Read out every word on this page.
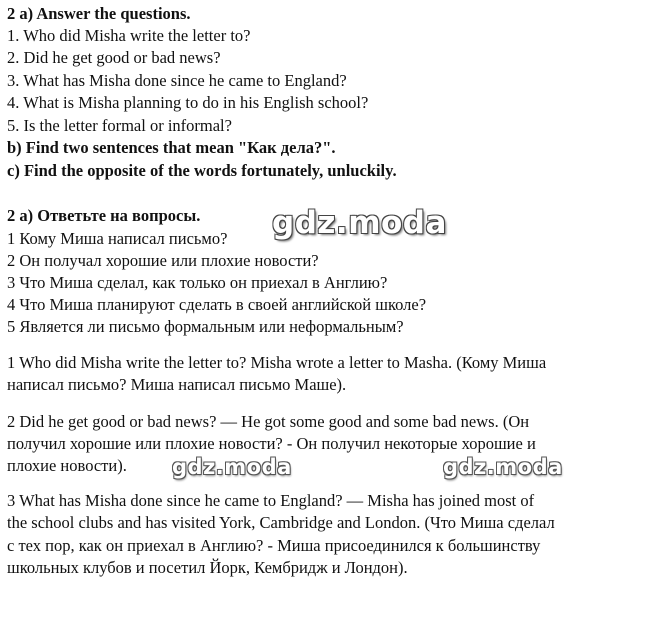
2 a) Answer the questions.
1. Who did Misha write the letter to?
2. Did he get good or bad news?
3. What has Misha done since he came to England?
4. What is Misha planning to do in his English school?
5. Is the letter formal or informal?
b) Find two sentences that mean "Как дела?".
c) Find the opposite of the words fortunately, unluckily.
2 а) Ответьте на вопросы.
1 Кому Миша написал письмо?
2 Он получал хорошие или плохие новости?
3 Что Миша сделал, как только он приехал в Англию?
4 Что Миша планируют сделать в своей английской школе?
5 Является ли письмо формальным или неформальным?
1 Who did Misha write the letter to? Misha wrote a letter to Masha. (Кому Миша
написал письмо? Миша написал письмо Маше).
2 Did he get good or bad news? — He got some good and some bad news. (Он
получил хорошие или плохие новости? - Он получил некоторые хорошие и
плохие новости).
3 What has Misha done since he came to England? — Misha has joined most of
the school clubs and has visited York, Cambridge and London. (Что Миша сделал
с тех пор, как он приехал в Англию? - Миша присоединился к большинству
школьных клубов и посетил Йорк, Кембридж и Лондон).
gdz.moda
gdz.moda	gdz.moda
